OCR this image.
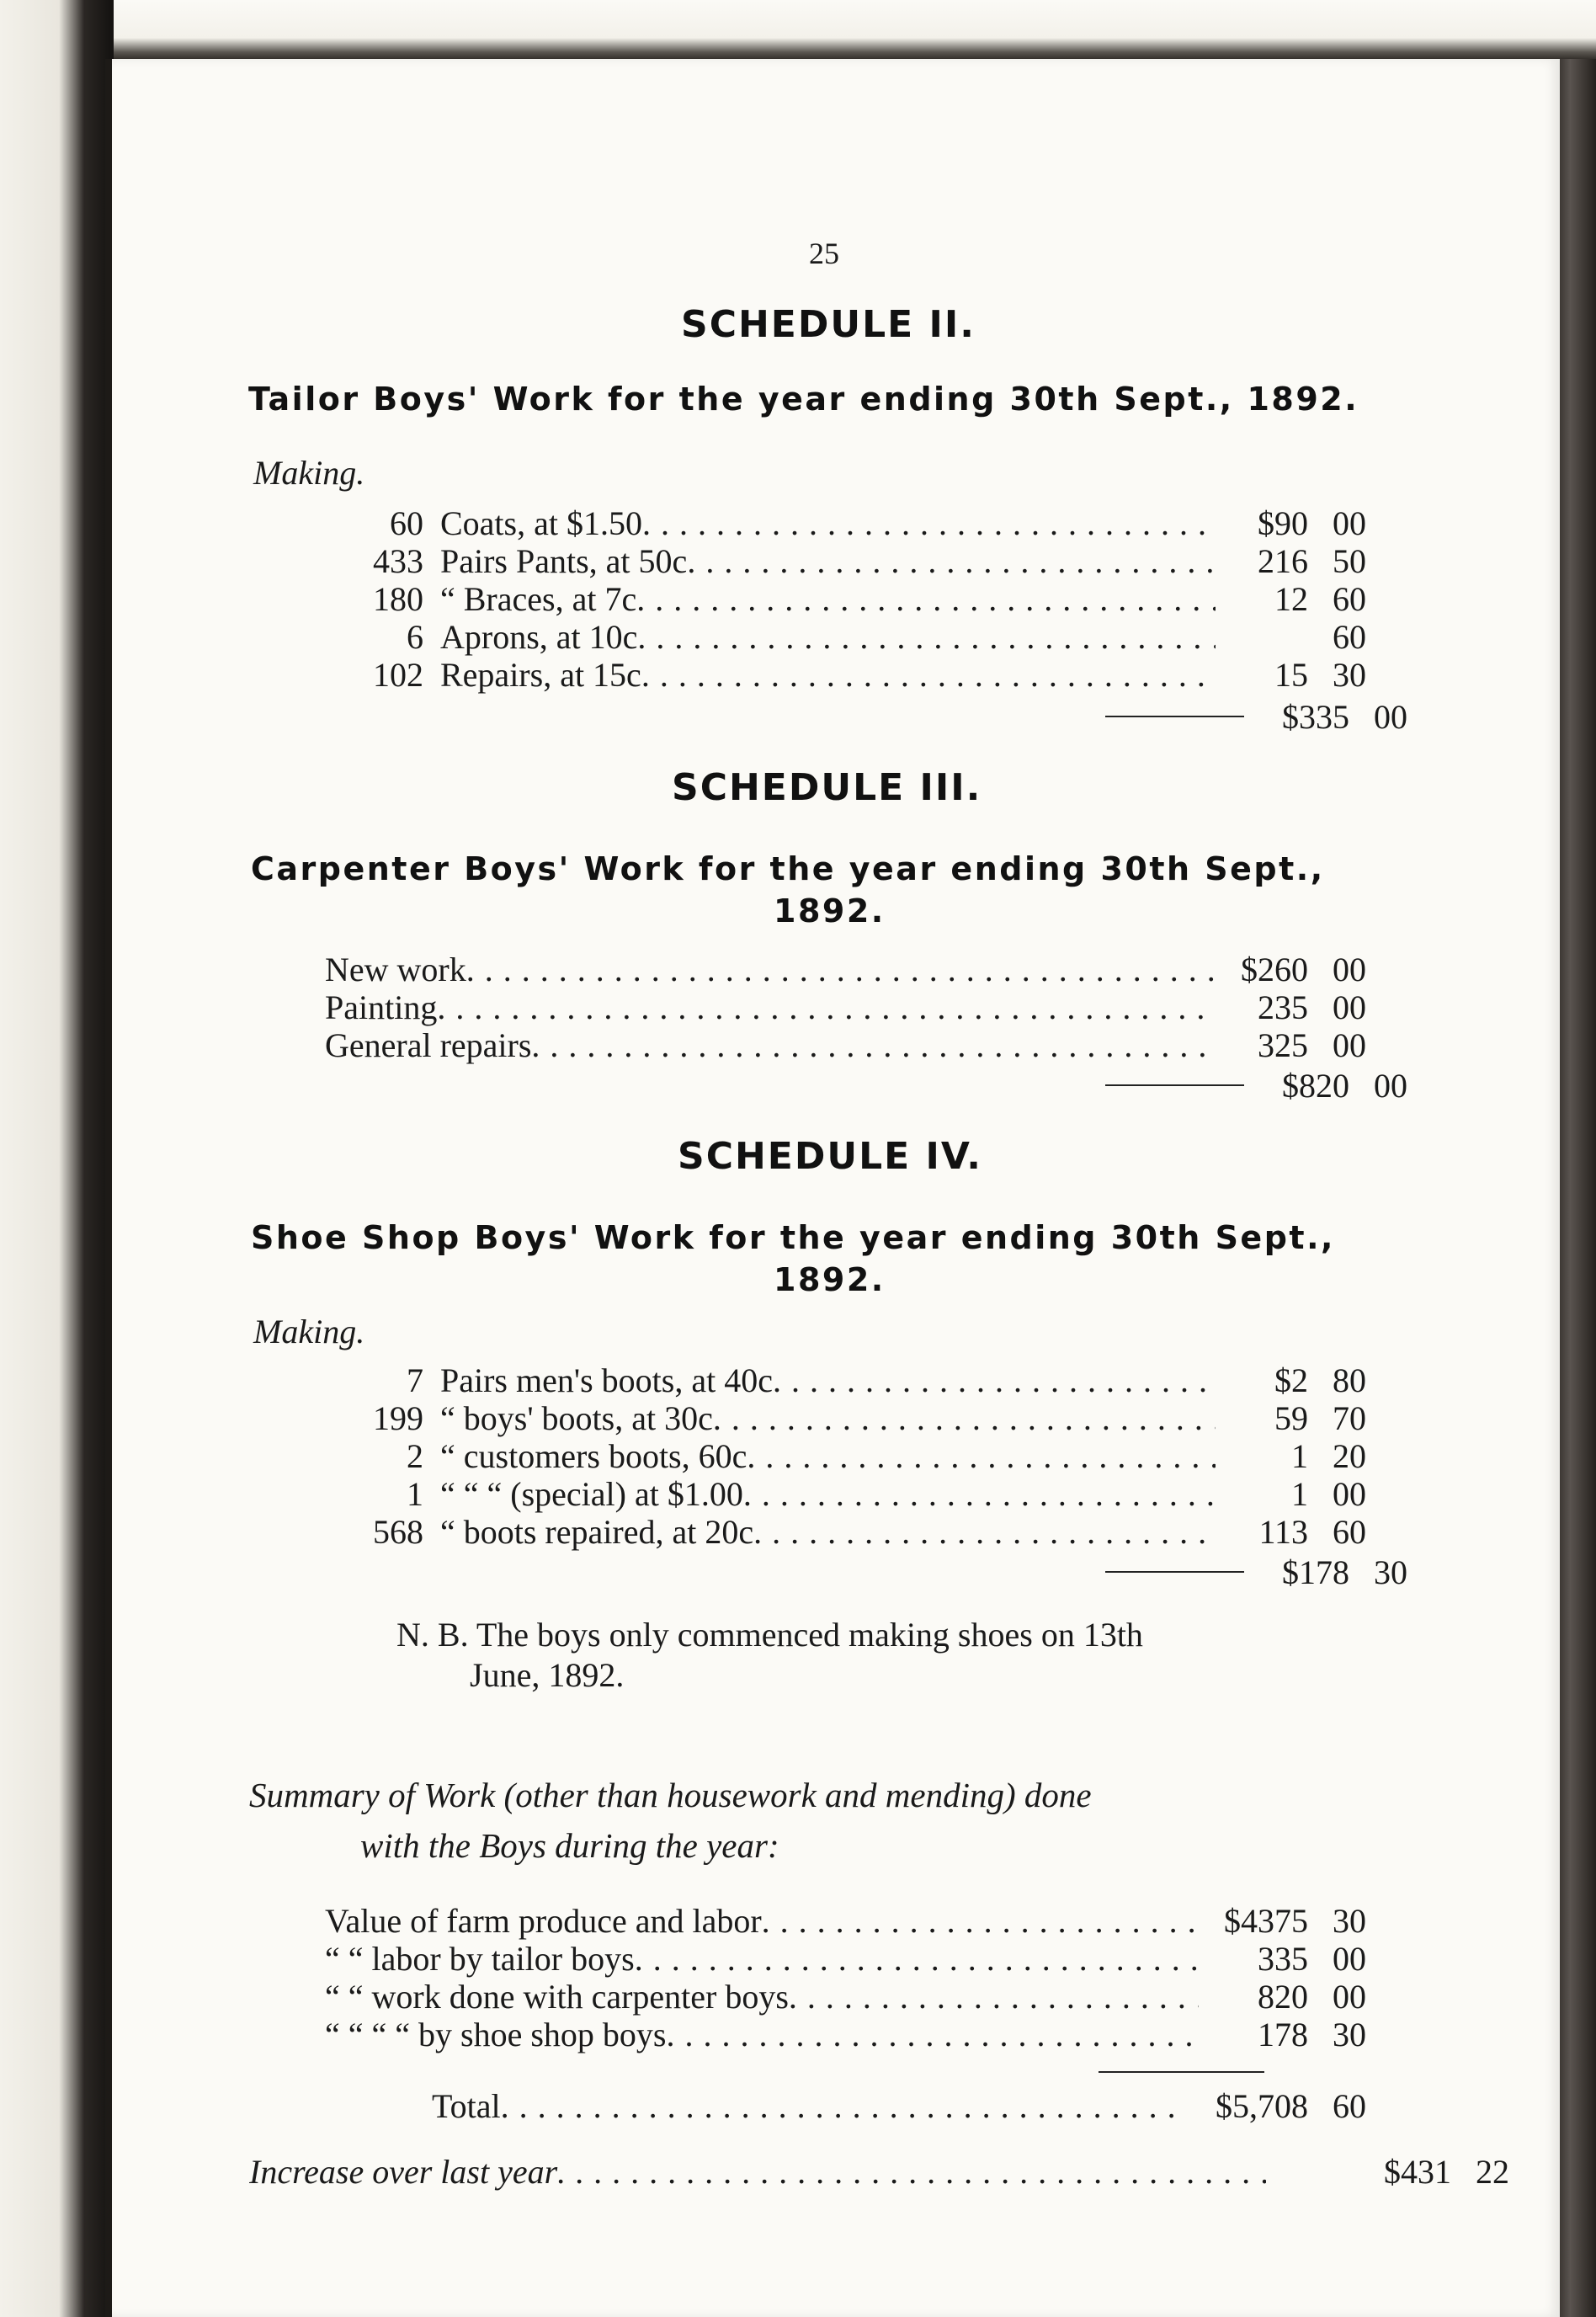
25
SCHEDULE II.
Tailor Boys' Work for the year ending 30th Sept., 1892.
Making.
60 Coats, at $1.50 . . .	$90 00
433 Pairs Pants, at 50c . . .	216 50
180 “ Braces, at 7c . . .	12 60
6 Aprons, at 10c . . .	60
102 Repairs, at 15c . . .	15 30
$335 00
SCHEDULE III.
Carpenter Boys' Work for the year ending 30th Sept.,
1892.
New work . . .	$260 00
Painting . . .	235 00
General repairs . . .	325 00
$820 00
SCHEDULE IV.
Shoe Shop Boys' Work for the year ending 30th Sept.,
1892.
Making.
7 Pairs men's boots, at 40c . . .	$2 80
199 “ boys' boots, at 30c . . .	59 70
2 “ customers boots, 60c . . .	1 20
1 “ “ “ (special) at $1.00 . . .	1 00
568 “ boots repaired, at 20c . . .	113 60
$178 30
N. B. The boys only commenced making shoes on 13th
June, 1892.
Summary of Work (other than housework and mending) done
with the Boys during the year:
Value of farm produce and labor . . .	$4375 30
“ “ labor by tailor boys . . .	335 00
“ “ work done with carpenter boys . . .	820 00
“ “ “ “ by shoe shop boys . . .	178 30
Total . . .	$5,708 60
Increase over last year . . .	$431 22
